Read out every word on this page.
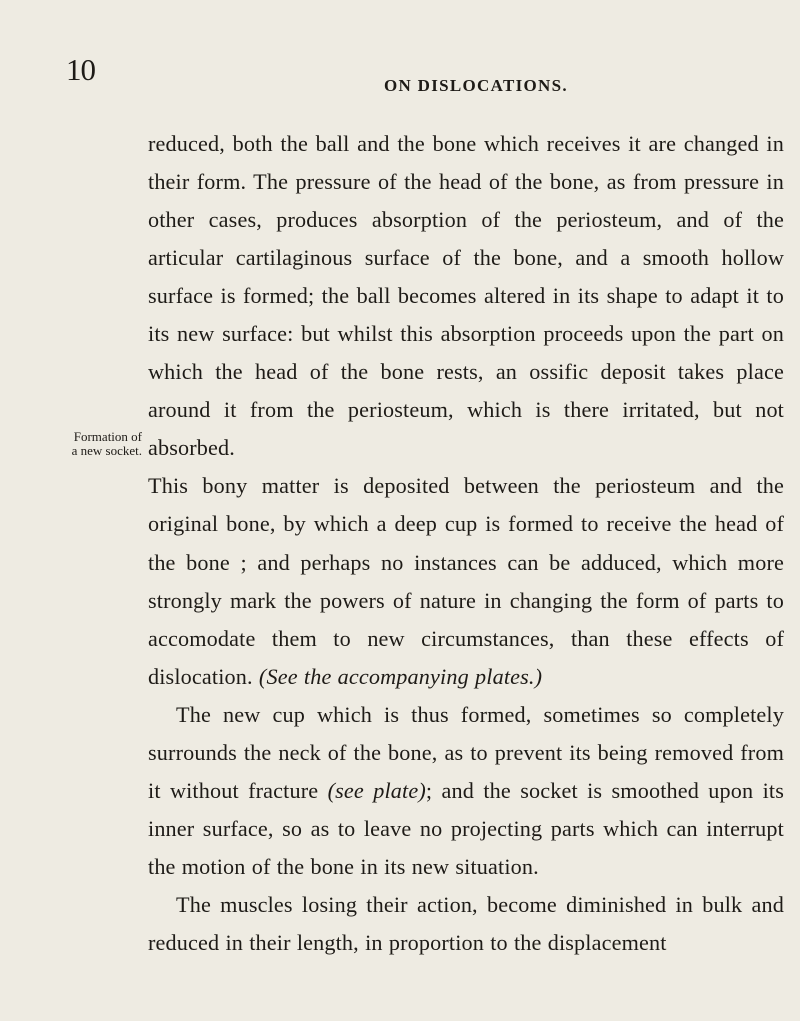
10	ON DISLOCATIONS.
Formation of
a new socket.

reduced, both the ball and the bone which receives it are changed in their form. The pressure of the head of the bone, as from pressure in other cases, produces absorption of the periosteum, and of the articular cartilaginous surface of the bone, and a smooth hollow surface is formed; the ball becomes altered in its shape to adapt it to its new surface: but whilst this absorption proceeds upon the part on which the head of the bone rests, an ossific deposit takes place around it from the periosteum, which is there irritated, but not absorbed.

This bony matter is deposited between the periosteum and the original bone, by which a deep cup is formed to receive the head of the bone ; and perhaps no instances can be adduced, which more strongly mark the powers of nature in changing the form of parts to accomodate them to new circumstances, than these effects of dislocation. (See the accompanying plates.)

The new cup which is thus formed, sometimes so completely surrounds the neck of the bone, as to prevent its being removed from it without fracture (see plate); and the socket is smoothed upon its inner surface, so as to leave no projecting parts which can interrupt the motion of the bone in its new situation.

The muscles losing their action, become diminished in bulk and reduced in their length, in proportion to the displacement
